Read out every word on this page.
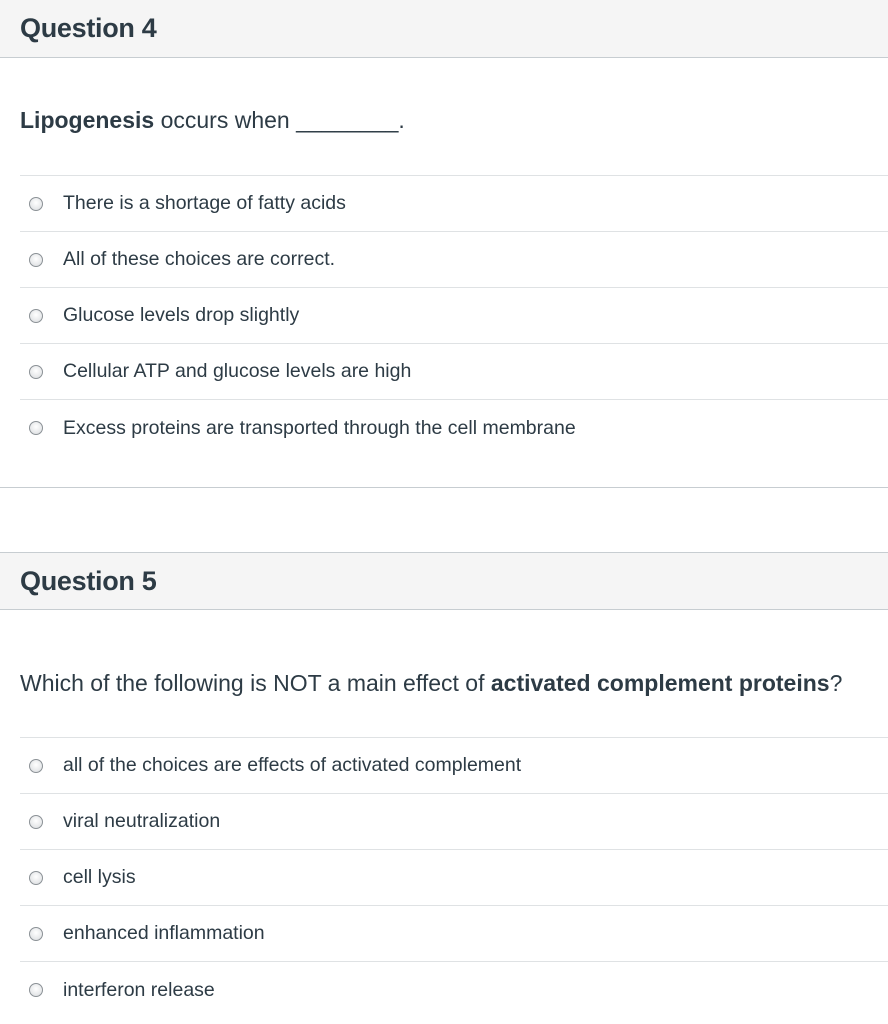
Question 4
Lipogenesis occurs when ________.
There is a shortage of fatty acids
All of these choices are correct.
Glucose levels drop slightly
Cellular ATP and glucose levels are high
Excess proteins are transported through the cell membrane
Question 5
Which of the following is NOT a main effect of activated complement proteins?
all of the choices are effects of activated complement
viral neutralization
cell lysis
enhanced inflammation
interferon release
